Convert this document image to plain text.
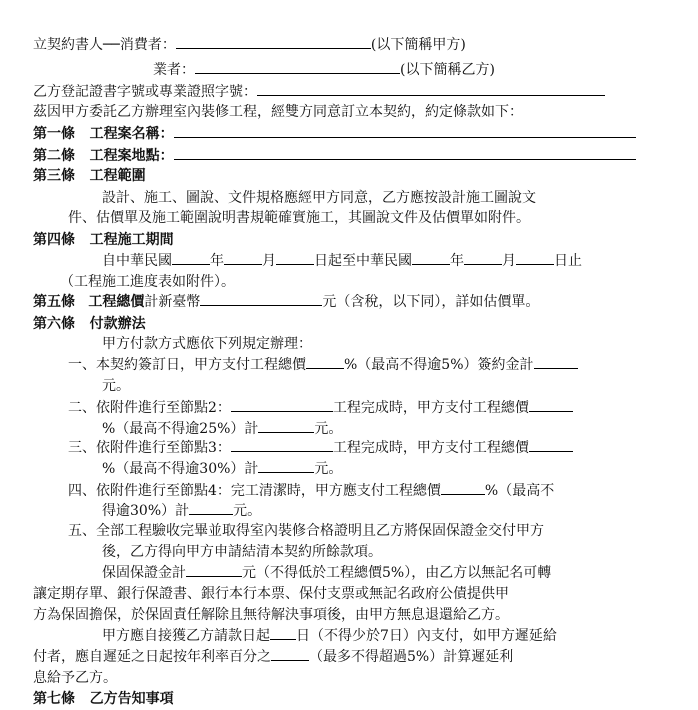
立契約書人──消費者：	(以下簡稱甲方)
業者：	(以下簡稱乙方)
乙方登記證書字號或專業證照字號：
茲因甲方委託乙方辦理室內裝修工程，經雙方同意訂立本契約，約定條款如下：
第一條 工程案名稱：
第二條 工程案地點：
第三條 工程範圍
設計、施工、圖說、文件規格應經甲方同意，乙方應按設計施工圖說文
件、估價單及施工範圍說明書規範確實施工，其圖說文件及估價單如附件。
第四條 工程施工期間
自中華民國	年	月	日起至中華民國	年	月	日止
（工程施工進度表如附件）。
第五條 工程總價計新臺幣	元（含稅，以下同），詳如估價單。
第六條 付款辦法
甲方付款方式應依下列規定辦理：
一、本契約簽訂日，甲方支付工程總價	%（最高不得逾5%）簽約金計
元。
二、依附件進行至節點2：	工程完成時，甲方支付工程總價
%（最高不得逾25%）計	元。
三、依附件進行至節點3：	工程完成時，甲方支付工程總價
%（最高不得逾30%）計	元。
四、依附件進行至節點4：完工清潔時，甲方應支付工程總價	%（最高不
得逾30%）計	元。
五、全部工程驗收完畢並取得室內裝修合格證明且乙方將保固保證金交付甲方
後，乙方得向甲方申請結清本契約所餘款項。
保固保證金計	元（不得低於工程總價5%），由乙方以無記名可轉
讓定期存單、銀行保證書、銀行本行本票、保付支票或無記名政府公債提供甲
方為保固擔保，於保固責任解除且無待解決事項後，由甲方無息退還給乙方。
甲方應自接獲乙方請款日起 日（不得少於7日）內支付，如甲方遲延給
付者，應自遲延之日起按年利率百分之	（最多不得超過5%）計算遲延利
息給予乙方。
第七條 乙方告知事項
